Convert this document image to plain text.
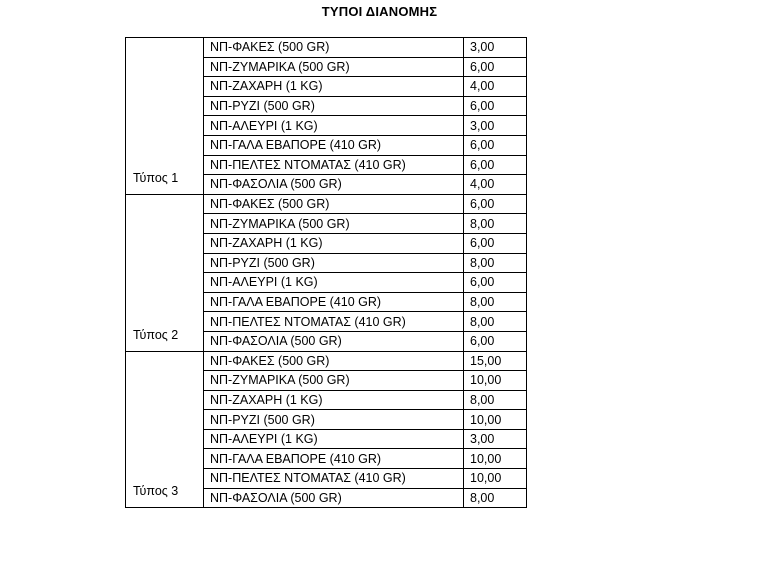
ΤΥΠΟΙ ΔΙΑΝΟΜΗΣ
Τύπος 1	ΝΠ-ΦΑΚΕΣ (500 GR)	3,00
	ΝΠ-ΖΥΜΑΡΙΚΑ (500 GR)	6,00
	ΝΠ-ΖΑΧΑΡΗ (1 KG)	4,00
	ΝΠ-ΡΥΖΙ (500 GR)	6,00
	ΝΠ-ΑΛΕΥΡΙ (1 KG)	3,00
	ΝΠ-ΓΑΛΑ ΕΒΑΠΟΡΕ (410 GR)	6,00
	ΝΠ-ΠΕΛΤΕΣ ΝΤΟΜΑΤΑΣ (410 GR)	6,00
	ΝΠ-ΦΑΣΟΛΙΑ (500 GR)	4,00
Τύπος 2	ΝΠ-ΦΑΚΕΣ (500 GR)	6,00
	ΝΠ-ΖΥΜΑΡΙΚΑ (500 GR)	8,00
	ΝΠ-ΖΑΧΑΡΗ (1 KG)	6,00
	ΝΠ-ΡΥΖΙ (500 GR)	8,00
	ΝΠ-ΑΛΕΥΡΙ (1 KG)	6,00
	ΝΠ-ΓΑΛΑ ΕΒΑΠΟΡΕ (410 GR)	8,00
	ΝΠ-ΠΕΛΤΕΣ ΝΤΟΜΑΤΑΣ (410 GR)	8,00
	ΝΠ-ΦΑΣΟΛΙΑ (500 GR)	6,00
Τύπος 3	ΝΠ-ΦΑΚΕΣ (500 GR)	15,00
	ΝΠ-ΖΥΜΑΡΙΚΑ (500 GR)	10,00
	ΝΠ-ΖΑΧΑΡΗ (1 KG)	8,00
	ΝΠ-ΡΥΖΙ (500 GR)	10,00
	ΝΠ-ΑΛΕΥΡΙ (1 KG)	3,00
	ΝΠ-ΓΑΛΑ ΕΒΑΠΟΡΕ (410 GR)	10,00
	ΝΠ-ΠΕΛΤΕΣ ΝΤΟΜΑΤΑΣ (410 GR)	10,00
	ΝΠ-ΦΑΣΟΛΙΑ (500 GR)	8,00
